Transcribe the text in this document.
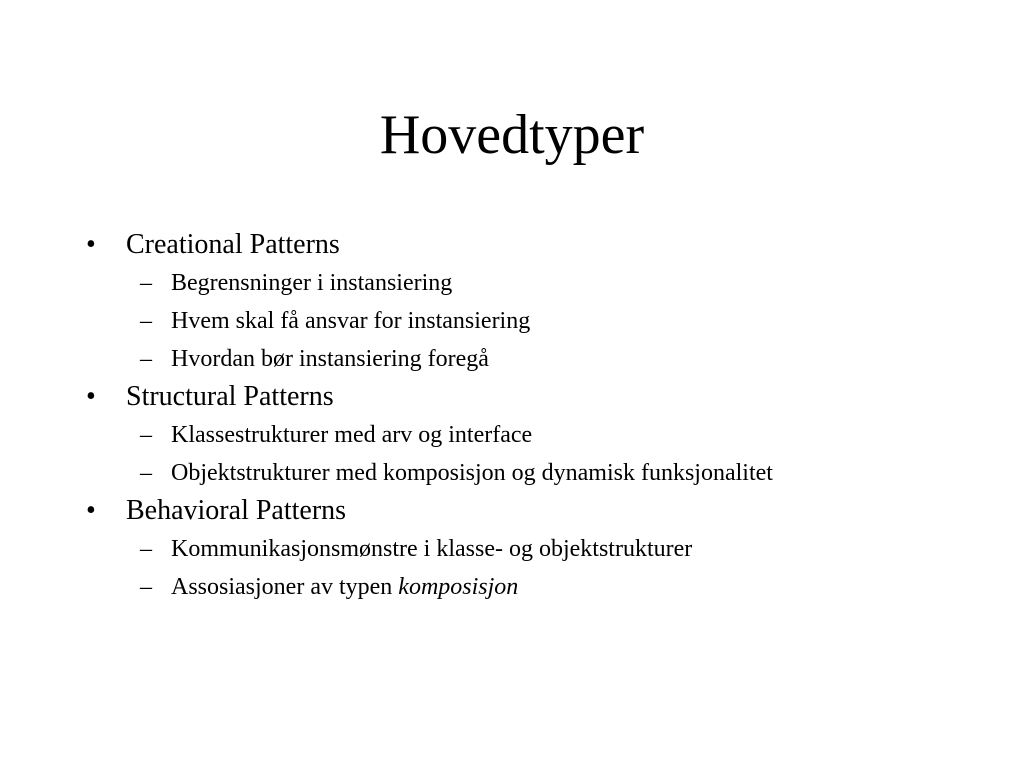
Hovedtyper
•	Creational Patterns
– Begrensninger i instansiering
– Hvem skal få ansvar for instansiering
– Hvordan bør instansiering foregå
•	Structural Patterns
– Klassestrukturer med arv og interface
– Objektstrukturer med komposisjon og dynamisk funksjonalitet
•	Behavioral Patterns
– Kommunikasjonsmønstre i klasse- og objektstrukturer
– Assosiasjoner av typen komposisjon
